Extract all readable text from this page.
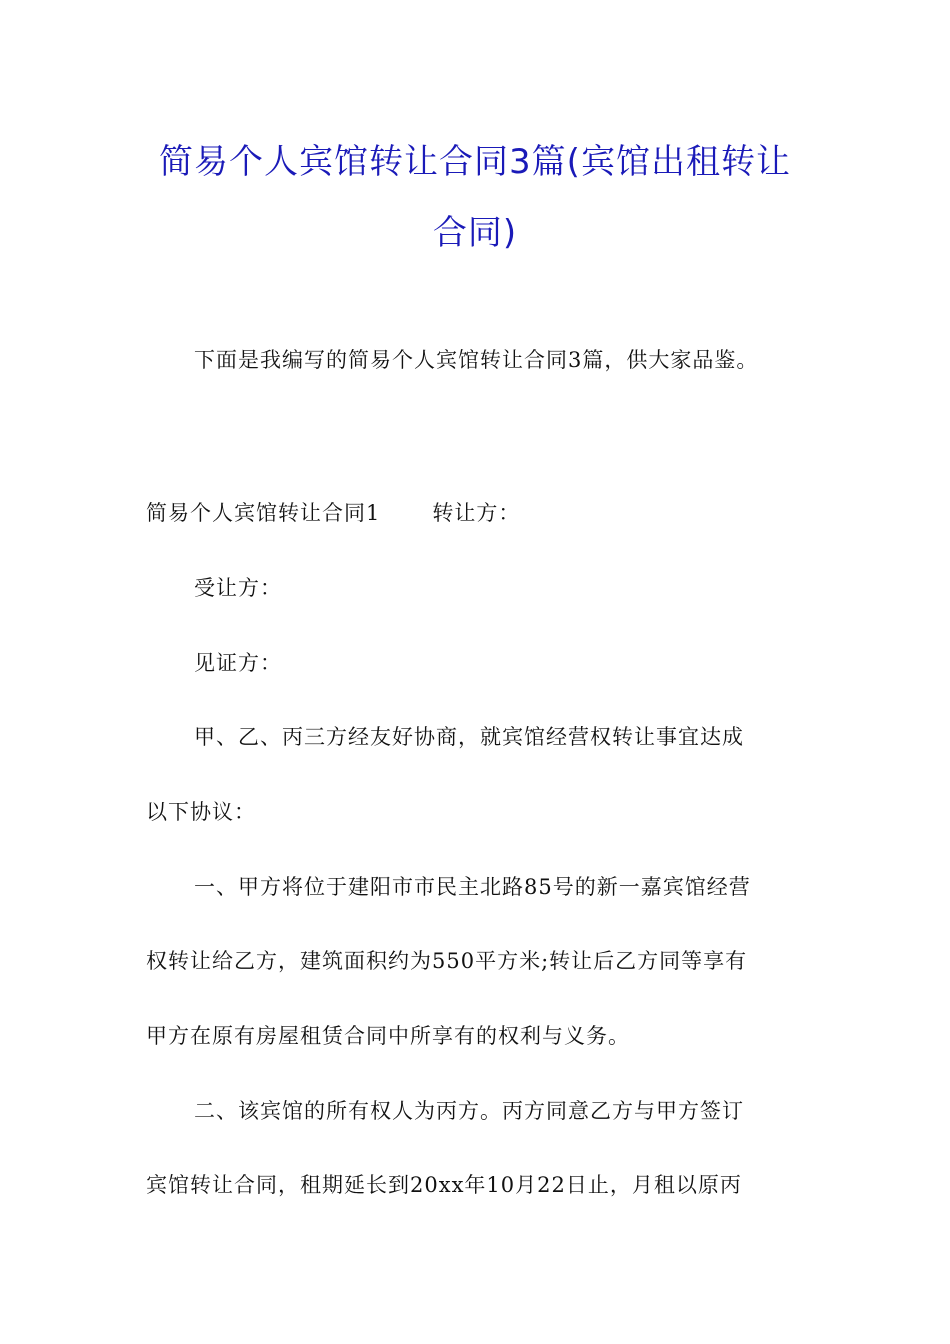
简易个人宾馆转让合同3篇(宾馆出租转让
合同)
下面是我编写的简易个人宾馆转让合同3篇，供大家品鉴。
简易个人宾馆转让合同1 转让方：
受让方：
见证方：
甲、乙、丙三方经友好协商，就宾馆经营权转让事宜达成
以下协议：
一、甲方将位于建阳市市民主北路85号的新一嘉宾馆经营
权转让给乙方，建筑面积约为550平方米;转让后乙方同等享有
甲方在原有房屋租赁合同中所享有的权利与义务。
二、该宾馆的所有权人为丙方。丙方同意乙方与甲方签订
宾馆转让合同，租期延长到20xx年10月22日止，月租以原丙
